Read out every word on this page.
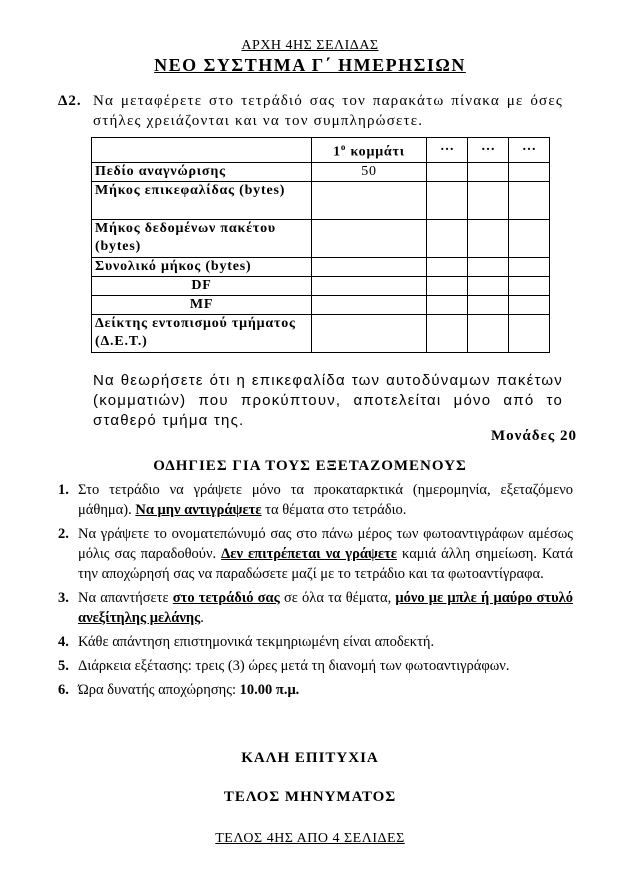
ΑΡΧΗ 4ΗΣ ΣΕΛΙΔΑΣ
ΝΕΟ ΣΥΣΤΗΜΑ Γ΄ ΗΜΕΡΗΣΙΩΝ
Δ2. Να μεταφέρετε στο τετράδιό σας τον παρακάτω πίνακα με όσες στήλες χρειάζονται και να τον συμπληρώσετε.
	$1^o$ κομμάτι	…	…	…
Πεδίο αναγνώρισης	50			
Μήκος επικεφαλίδας (bytes)				
Μήκος δεδομένων πακέτου (bytes)				
Συνολικό μήκος (bytes)				
DF				
MF				
Δείκτης εντοπισμού τμήματος (Δ.Ε.Τ.)				
Να θεωρήσετε ότι η επικεφαλίδα των αυτοδύναμων πακέτων (κομματιών) που προκύπτουν, αποτελείται μόνο από το σταθερό τμήμα της.
Μονάδες 20
ΟΔΗΓΙΕΣ ΓΙΑ ΤΟΥΣ ΕΞΕΤΑΖΟΜΕΝΟΥΣ
1. Στο τετράδιο να γράψετε μόνο τα προκαταρκτικά (ημερομηνία, εξεταζόμενο μάθημα). Να μην αντιγράψετε τα θέματα στο τετράδιο.
2. Να γράψετε το ονοματεπώνυμό σας στο πάνω μέρος των φωτοαντιγράφων αμέσως μόλις σας παραδοθούν. Δεν επιτρέπεται να γράψετε καμιά άλλη σημείωση. Κατά την αποχώρησή σας να παραδώσετε μαζί με το τετράδιο και τα φωτοαντίγραφα.
3. Να απαντήσετε στο τετράδιό σας σε όλα τα θέματα, μόνο με μπλε ή μαύρο στυλό ανεξίτηλης μελάνης.
4. Κάθε απάντηση επιστημονικά τεκμηριωμένη είναι αποδεκτή.
5. Διάρκεια εξέτασης: τρεις (3) ώρες μετά τη διανομή των φωτοαντιγράφων.
6. Ώρα δυνατής αποχώρησης: 10.00 π.μ.
ΚΑΛΗ ΕΠΙΤΥΧΙΑ
ΤΕΛΟΣ ΜΗΝΥΜΑΤΟΣ
ΤΕΛΟΣ 4ΗΣ ΑΠΟ 4 ΣΕΛΙΔΕΣ
